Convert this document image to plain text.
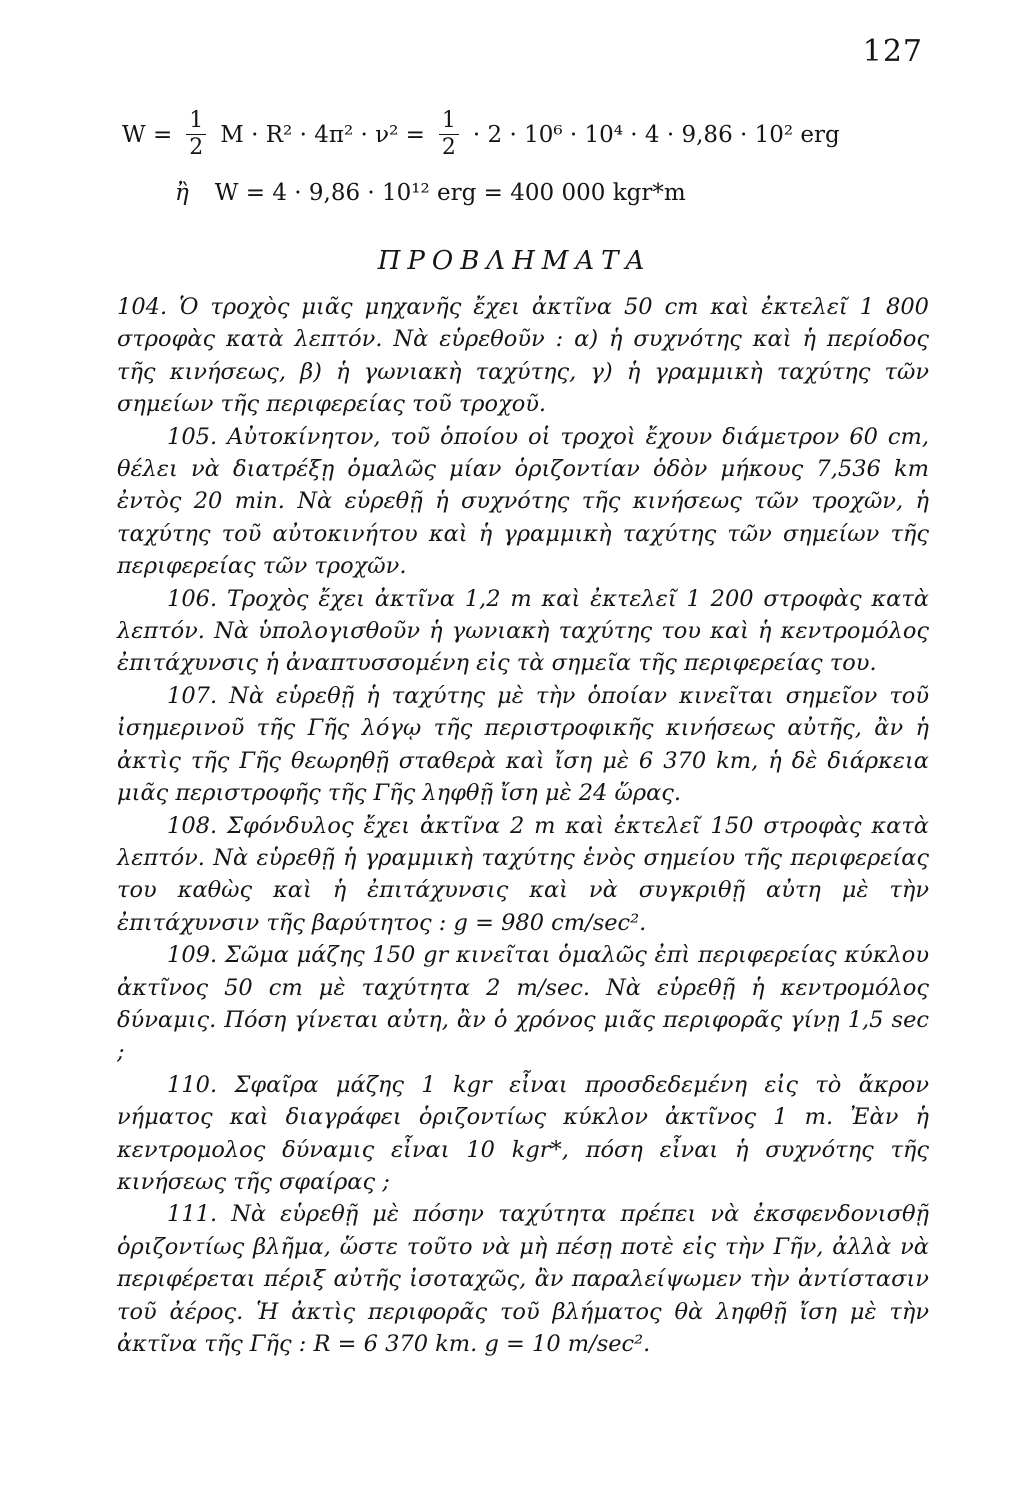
127
$W = \frac{1}{2}$ $M \cdot R^2 \cdot 4\pi^2 \cdot \nu^2 = \frac{1}{2} \cdot 2 \cdot 10^6 \cdot 10^4 \cdot 4 \cdot 9,86 \cdot 10^2$ erg
ἢ W = 4 · 9,86 · 10¹² erg = 400 000 kgr*m
ΠΡΟΒΛΗΜΑΤΑ

104. Ὁ τροχὸς μιᾶς μηχανῆς ἔχει ἀκτῖνα 50 cm καὶ ἐκτελεῖ 1 800 στροφὰς κατὰ λεπτόν. Νὰ εὑρεθοῦν : α) ἡ συχνότης καὶ ἡ περίοδος τῆς κινήσεως, β) ἡ γωνιακὴ ταχύτης, γ) ἡ γραμμικὴ ταχύτης τῶν σημείων τῆς περιφερείας τοῦ τροχοῦ.

105. Αὐτοκίνητον, τοῦ ὁποίου οἱ τροχοὶ ἔχουν διάμετρον 60 cm, θέλει νὰ διατρέξῃ ὁμαλῶς μίαν ὁριζοντίαν ὁδὸν μήκους 7,536 km ἐντὸς 20 min. Νὰ εὑρεθῇ ἡ συχνότης τῆς κινήσεως τῶν τροχῶν, ἡ ταχύτης τοῦ αὐτοκινήτου καὶ ἡ γραμμικὴ ταχύτης τῶν σημείων τῆς περιφερείας τῶν τροχῶν.

106. Τροχὸς ἔχει ἀκτῖνα 1,2 m καὶ ἐκτελεῖ 1 200 στροφὰς κατὰ λεπτόν. Νὰ ὑπολογισθοῦν ἡ γωνιακὴ ταχύτης του καὶ ἡ κεντρομόλος ἐπιτάχυνσις ἡ ἀναπτυσσομένη εἰς τὰ σημεῖα τῆς περιφερείας του.

107. Νὰ εὑρεθῇ ἡ ταχύτης μὲ τὴν ὁποίαν κινεῖται σημεῖον τοῦ ἰσημερινοῦ τῆς Γῆς λόγῳ τῆς περιστροφικῆς κινήσεως αὐτῆς, ἂν ἡ ἀκτὶς τῆς Γῆς θεωρηθῇ σταθερὰ καὶ ἴση μὲ 6 370 km, ἡ δὲ διάρκεια μιᾶς περιστροφῆς τῆς Γῆς ληφθῇ ἴση μὲ 24 ὥρας.

108. Σφόνδυλος ἔχει ἀκτῖνα 2 m καὶ ἐκτελεῖ 150 στροφὰς κατὰ λεπτόν. Νὰ εὑρεθῇ ἡ γραμμικὴ ταχύτης ἑνὸς σημείου τῆς περιφερείας του καθὼς καὶ ἡ ἐπιτάχυνσις καὶ νὰ συγκριθῇ αὐτη μὲ τὴν ἐπιτάχυνσιν τῆς βαρύτητος : g = 980 cm/sec².

109. Σῶμα μάζης 150 gr κινεῖται ὁμαλῶς ἐπὶ περιφερείας κύκλου ἀκτῖνος 50 cm μὲ ταχύτητα 2 m/sec. Νὰ εὑρεθῇ ἡ κεντρομόλος δύναμις. Πόση γίνεται αὐτη, ἂν ὁ χρόνος μιᾶς περιφορᾶς γίνῃ 1,5 sec ;

110. Σφαῖρα μάζης 1 kgr εἶναι προσδεδεμένη εἰς τὸ ἄκρον νήματος καὶ διαγράφει ὁριζοντίως κύκλον ἀκτῖνος 1 m. Ἐὰν ἡ κεντρομολος δύναμις εἶναι 10 kgr*, πόση εἶναι ἡ συχνότης τῆς κινήσεως τῆς σφαίρας ;

111. Νὰ εὑρεθῇ μὲ πόσην ταχύτητα πρέπει νὰ ἐκσφενδονισθῇ ὁριζοντίως βλῆμα, ὥστε τοῦτο νὰ μὴ πέσῃ ποτὲ εἰς τὴν Γῆν, ἀλλὰ νὰ περιφέρεται πέριξ αὐτῆς ἰσοταχῶς, ἂν παραλείψωμεν τὴν ἀντίστασιν τοῦ ἀέρος. Ἡ ἀκτὶς περιφορᾶς τοῦ βλήματος θὰ ληφθῇ ἴση μὲ τὴν ἀκτῖνα τῆς Γῆς : R = 6 370 km. g = 10 m/sec².
